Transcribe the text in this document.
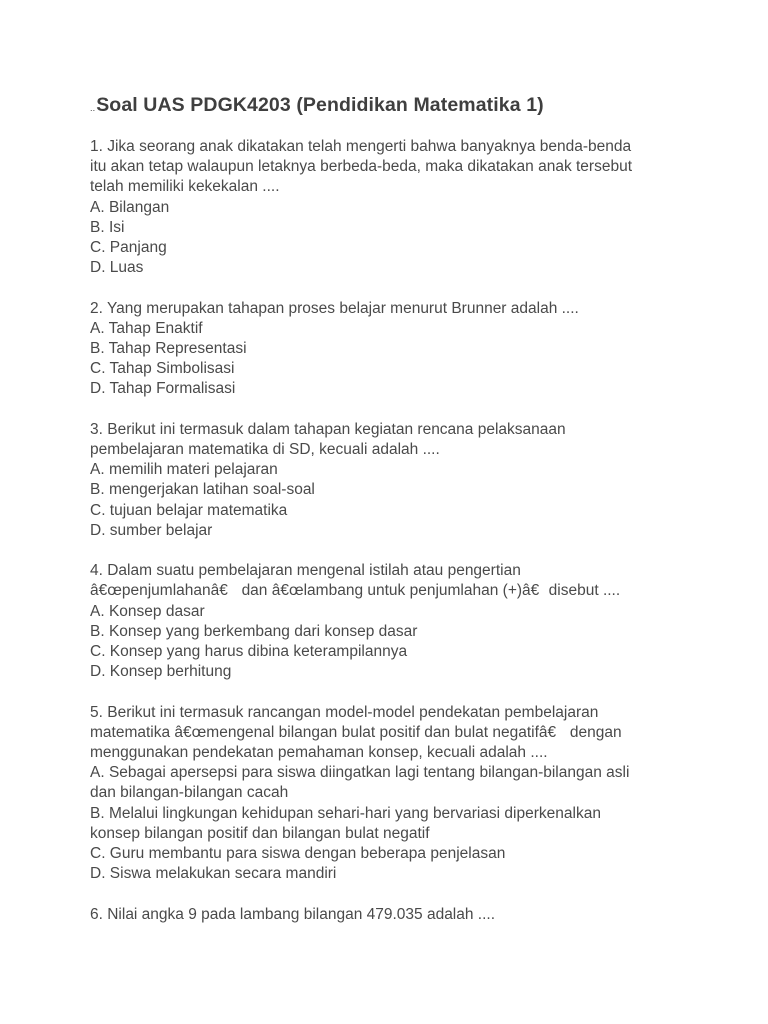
..Soal UAS PDGK4203 (Pendidikan Matematika 1)
1. Jika seorang anak dikatakan telah mengerti bahwa banyaknya benda-benda
itu akan tetap walaupun letaknya berbeda-beda, maka dikatakan anak tersebut
telah memiliki kekekalan ....
A. Bilangan
B. Isi
C. Panjang
D. Luas
2. Yang merupakan tahapan proses belajar menurut Brunner adalah ....
A. Tahap Enaktif
B. Tahap Representasi
C. Tahap Simbolisasi
D. Tahap Formalisasi
3. Berikut ini termasuk dalam tahapan kegiatan rencana pelaksanaan
pembelajaran matematika di SD, kecuali adalah ....
A. memilih materi pelajaran
B. mengerjakan latihan soal-soal
C. tujuan belajar matematika
D. sumber belajar
4. Dalam suatu pembelajaran mengenal istilah atau pengertian
â€œpenjumlahanâ€ dan â€œlambang untuk penjumlahan (+)â€disebut ....
A. Konsep dasar
B. Konsep yang berkembang dari konsep dasar
C. Konsep yang harus dibina keterampilannya
D. Konsep berhitung
5. Berikut ini termasuk rancangan model-model pendekatan pembelajaran
matematika â€œmengenal bilangan bulat positif dan bulat negatifâ€ dengan
menggunakan pendekatan pemahaman konsep, kecuali adalah ....
A. Sebagai apersepsi para siswa diingatkan lagi tentang bilangan-bilangan asli
dan bilangan-bilangan cacah
B. Melalui lingkungan kehidupan sehari-hari yang bervariasi diperkenalkan
konsep bilangan positif dan bilangan bulat negatif
C. Guru membantu para siswa dengan beberapa penjelasan
D. Siswa melakukan secara mandiri
6. Nilai angka 9 pada lambang bilangan 479.035 adalah ....
